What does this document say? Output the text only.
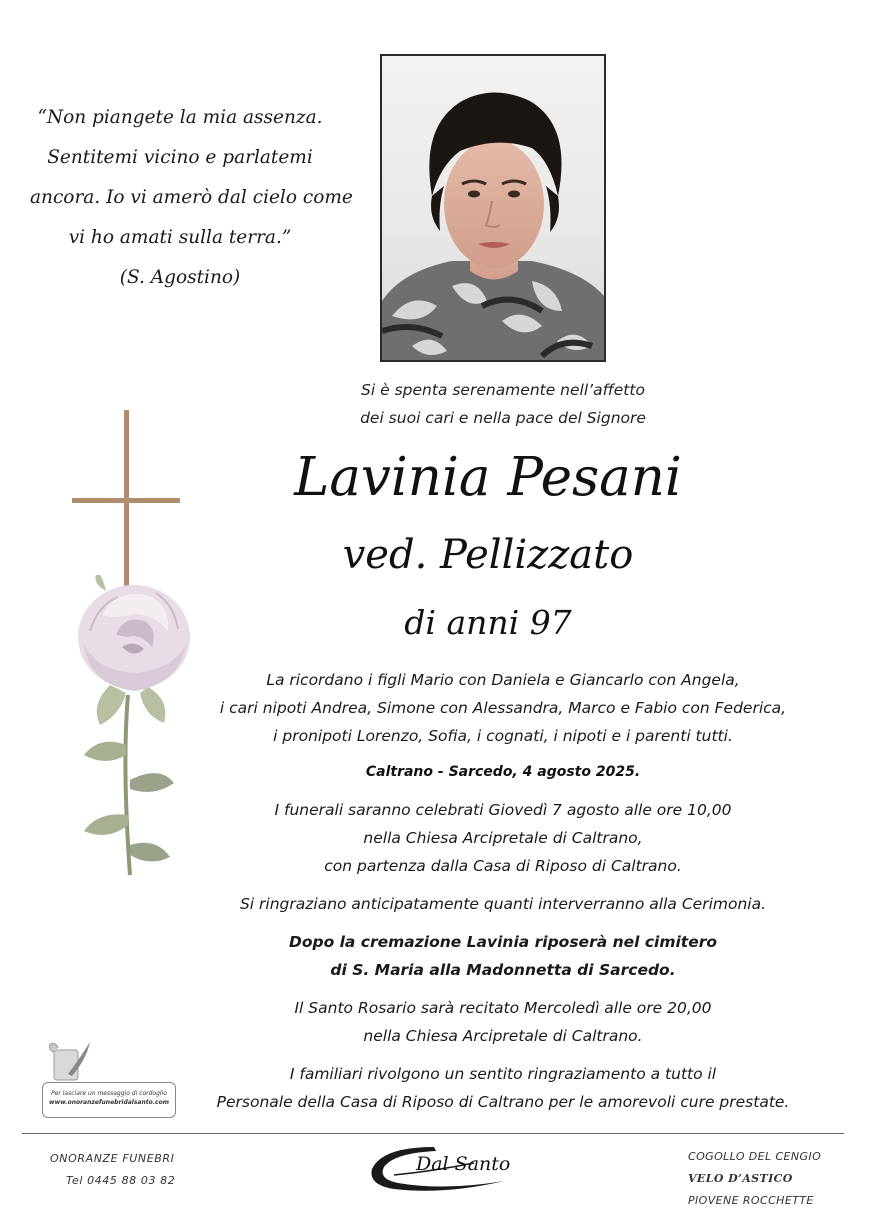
“Non piangete la mia assenza.
Sentitemi vicino e parlatemi
ancora. Io vi amerò dal cielo come
vi ho amati sulla terra.”
(S. Agostino)
Si è spenta serenamente nell’affetto
dei suoi cari e nella pace del Signore
Lavinia Pesani
ved. Pellizzato
di anni 97
La ricordano i figli Mario con Daniela e Giancarlo con Angela,
i cari nipoti Andrea, Simone con Alessandra, Marco e Fabio con Federica,
i pronipoti Lorenzo, Sofia, i cognati, i nipoti e i parenti tutti.
Caltrano - Sarcedo, 4 agosto 2025.
I funerali saranno celebrati Giovedì 7 agosto alle ore 10,00
nella Chiesa Arcipretale di Caltrano,
con partenza dalla Casa di Riposo di Caltrano.
Si ringraziano anticipatamente quanti interverranno alla Cerimonia.
Dopo la cremazione Lavinia riposerà nel cimitero
di S. Maria alla Madonnetta di Sarcedo.
Il Santo Rosario sarà recitato Mercoledì alle ore 20,00
nella Chiesa Arcipretale di Caltrano.
I familiari rivolgono un sentito ringraziamento a tutto il
Personale della Casa di Riposo di Caltrano per le amorevoli cure prestate.
Per lasciare un messaggio di cordoglio
www.onoranzefunebridalsanto.com
ONORANZE FUNEBRI
Tel 0445 88 03 82
Dal Santo	COGOLLO DEL CENGIO
VELO D’ASTICO
PIOVENE ROCCHETTE
